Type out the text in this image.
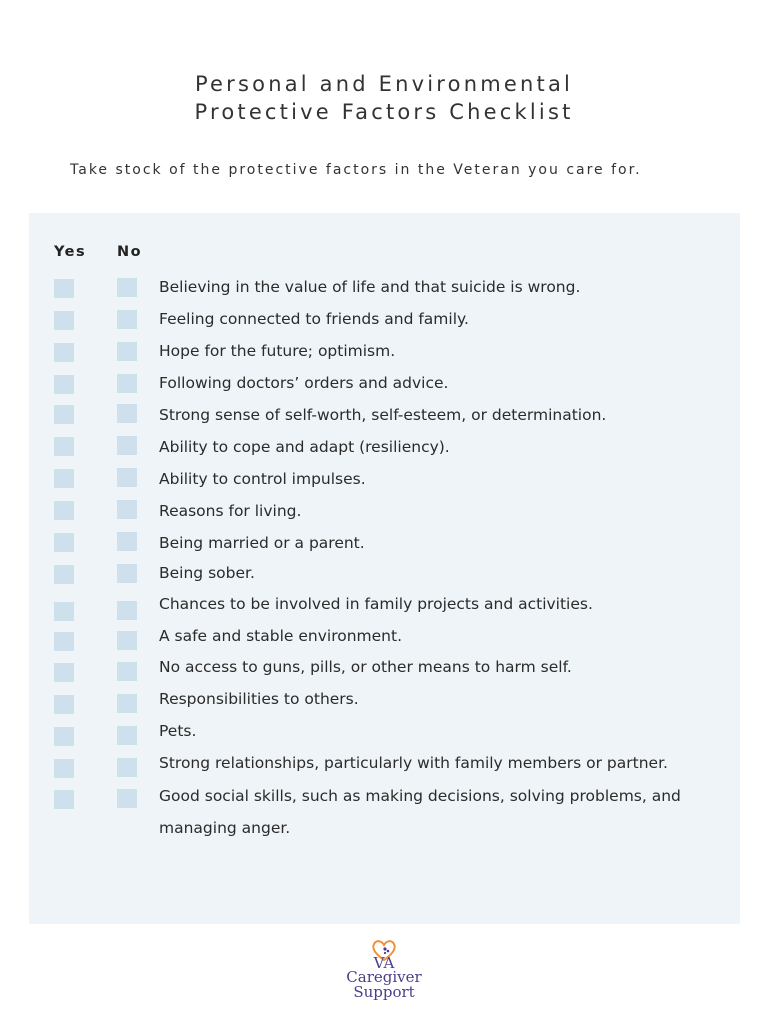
Personal and Environmental
Protective Factors Checklist

Take stock of the protective factors in the Veteran you care for.

Yes No

Believing in the value of life and that suicide is wrong.

Feeling connected to friends and family.

Hope for the future; optimism.

Following doctors’ orders and advice.

Strong sense of self-worth, self-esteem, or determination.

Ability to cope and adapt (resiliency).

Ability to control impulses.

Reasons for living.

Being married or a parent.

Being sober.

Chances to be involved in family projects and activities.

A safe and stable environment.

No access to guns, pills, or other means to harm self.

Responsibilities to others.

Pets.

Strong relationships, particularly with family members or partner.

Good social skills, such as making decisions, solving problems, and managing anger.

VA
Caregiver
Support
